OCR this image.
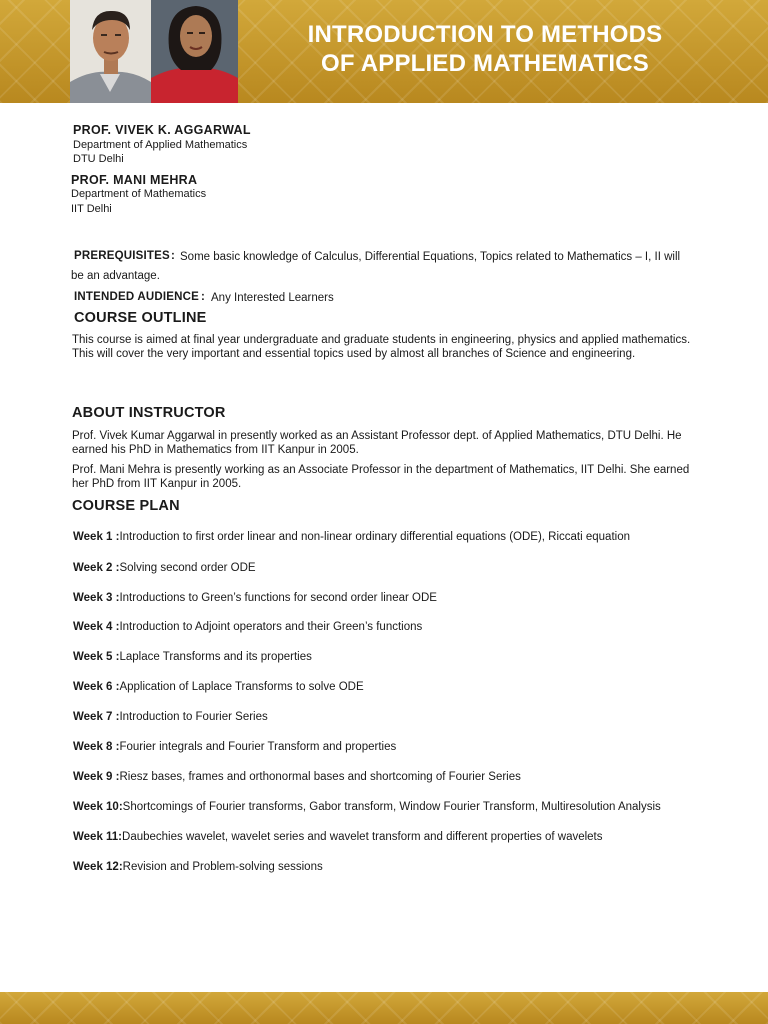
INTRODUCTION TO METHODS
OF APPLIED MATHEMATICS
PROF. VIVEK K. AGGARWAL
Department of Applied Mathematics
DTU Delhi
PROF. MANI MEHRA
Department of Mathematics
IIT Delhi
PREREQUISITES : Some basic knowledge of Calculus, Differential Equations, Topics related to Mathematics – I, II will
be an advantage.
INTENDED AUDIENCE : Any Interested Learners
COURSE OUTLINE
This course is aimed at final year undergraduate and graduate students in engineering, physics and applied mathematics.
This will cover the very important and essential topics used by almost all branches of Science and engineering.
ABOUT INSTRUCTOR
Prof. Vivek Kumar Aggarwal in presently worked as an Assistant Professor dept. of Applied Mathematics, DTU Delhi. He
earned his PhD in Mathematics from IIT Kanpur in 2005.
Prof. Mani Mehra is presently working as an Associate Professor in the department of Mathematics, IIT Delhi. She earned
her PhD from IIT Kanpur in 2005.
COURSE PLAN
Week 1 :Introduction to first order linear and non-linear ordinary differential equations (ODE), Riccati equation
Week 2 :Solving second order ODE
Week 3 :Introductions to Green’s functions for second order linear ODE
Week 4 :Introduction to Adjoint operators and their Green’s functions
Week 5 :Laplace Transforms and its properties
Week 6 :Application of Laplace Transforms to solve ODE
Week 7 :Introduction to Fourier Series
Week 8 :Fourier integrals and Fourier Transform and properties
Week 9 :Riesz bases, frames and orthonormal bases and shortcoming of Fourier Series
Week 10:Shortcomings of Fourier transforms, Gabor transform, Window Fourier Transform, Multiresolution Analysis
Week 11:Daubechies wavelet, wavelet series and wavelet transform and different properties of wavelets
Week 12:Revision and Problem-solving sessions
